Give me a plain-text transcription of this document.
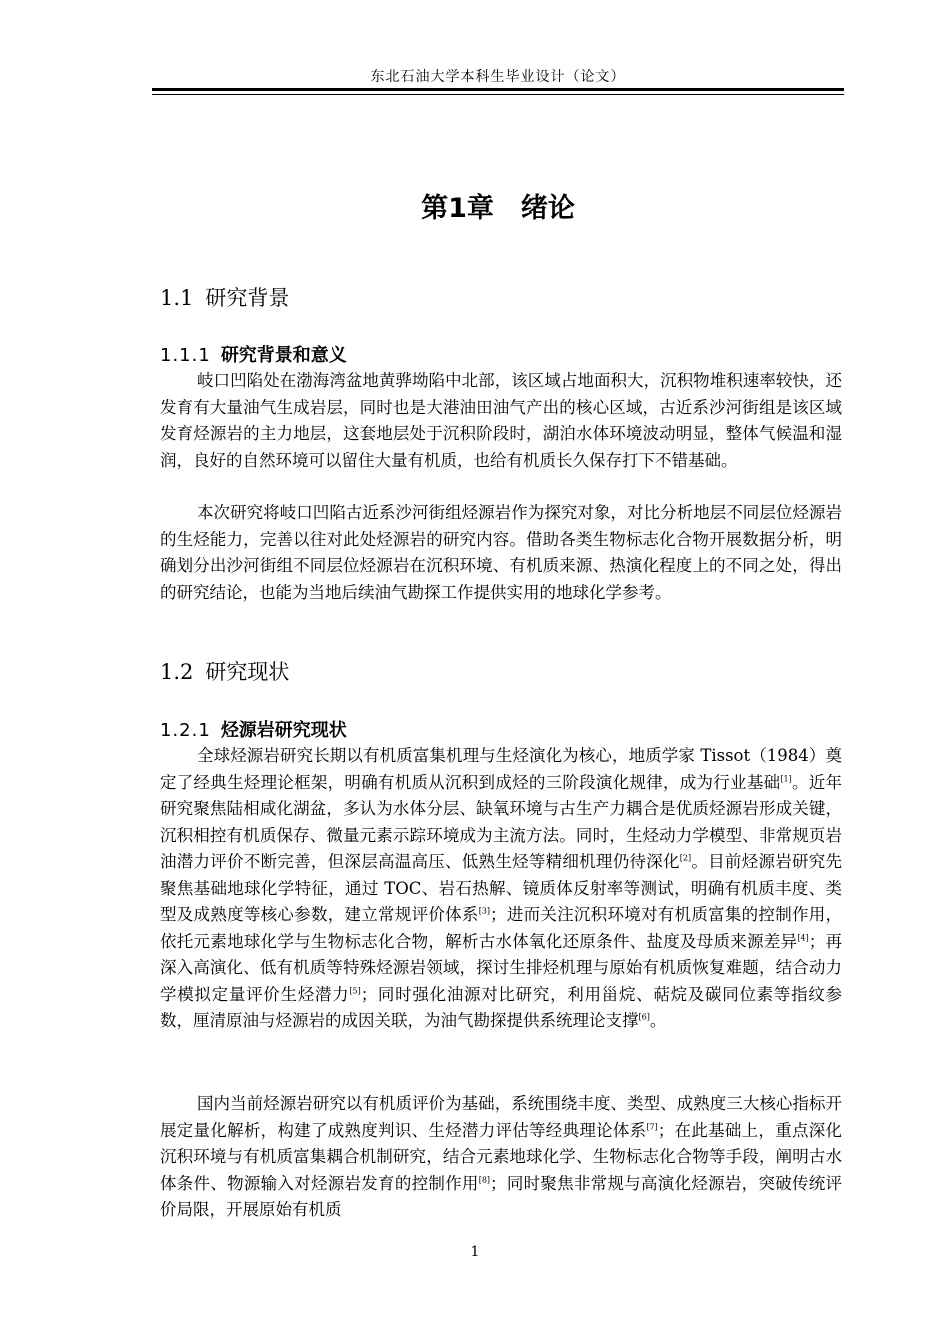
东北石油大学本科生毕业设计（论文）
第1章　绪论
1.1 研究背景
1.1.1 研究背景和意义

岐口凹陷处在渤海湾盆地黄骅坳陷中北部，该区域占地面积大，沉积物堆积速率较快，还发育有大量油气生成岩层，同时也是大港油田油气产出的核心区域，古近系沙河街组是该区域发育烃源岩的主力地层，这套地层处于沉积阶段时，湖泊水体环境波动明显，整体气候温和湿润，良好的自然环境可以留住大量有机质，也给有机质长久保存打下不错基础。

本次研究将岐口凹陷古近系沙河街组烃源岩作为探究对象，对比分析地层不同层位烃源岩的生烃能力，完善以往对此处烃源岩的研究内容。借助各类生物标志化合物开展数据分析，明确划分出沙河街组不同层位烃源岩在沉积环境、有机质来源、热演化程度上的不同之处，得出的研究结论，也能为当地后续油气勘探工作提供实用的地球化学参考。

1.2 研究现状
1.2.1 烃源岩研究现状

全球烃源岩研究长期以有机质富集机理与生烃演化为核心，地质学家 Tissot（1984）奠定了经典生烃理论框架，明确有机质从沉积到成烃的三阶段演化规律，成为行业基础[1]。近年研究聚焦陆相咸化湖盆，多认为水体分层、缺氧环境与古生产力耦合是优质烃源岩形成关键，沉积相控有机质保存、微量元素示踪环境成为主流方法。同时，生烃动力学模型、非常规页岩油潜力评价不断完善，但深层高温高压、低熟生烃等精细机理仍待深化[2]。目前烃源岩研究先聚焦基础地球化学特征，通过 TOC、岩石热解、镜质体反射率等测试，明确有机质丰度、类型及成熟度等核心参数，建立常规评价体系[3]；进而关注沉积环境对有机质富集的控制作用，依托元素地球化学与生物标志化合物，解析古水体氧化还原条件、盐度及母质来源差异[4]；再深入高演化、低有机质等特殊烃源岩领域，探讨生排烃机理与原始有机质恢复难题，结合动力学模拟定量评价生烃潜力[5]；同时强化油源对比研究，利用甾烷、萜烷及碳同位素等指纹参数，厘清原油与烃源岩的成因关联，为油气勘探提供系统理论支撑[6]。

国内当前烃源岩研究以有机质评价为基础，系统围绕丰度、类型、成熟度三大核心指标开展定量化解析，构建了成熟度判识、生烃潜力评估等经典理论体系[7]；在此基础上，重点深化沉积环境与有机质富集耦合机制研究，结合元素地球化学、生物标志化合物等手段，阐明古水体条件、物源输入对烃源岩发育的控制作用[8]；同时聚焦非常规与高演化烃源岩，突破传统评价局限，开展原始有机质

1
